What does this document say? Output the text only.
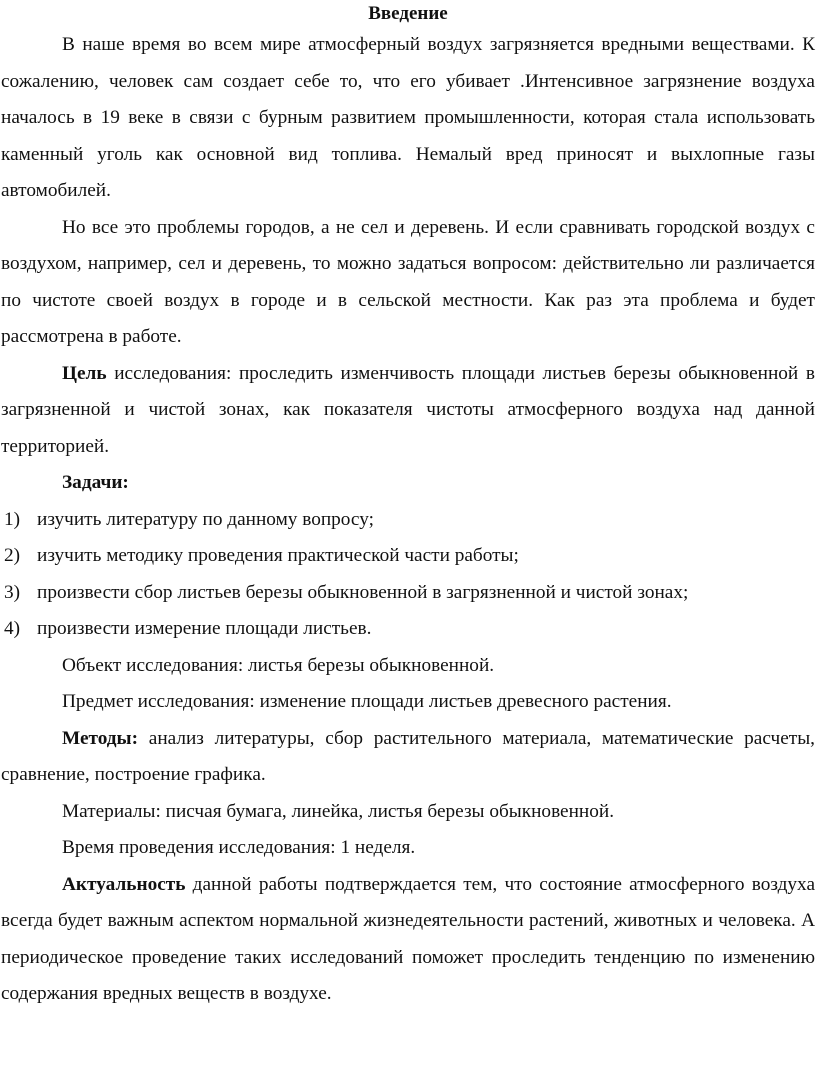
Введение

В наше время во всем мире атмосферный воздух загрязняется вредными веществами. К сожалению, человек сам создает себе то, что его убивает .Интенсивное загрязнение воздуха началось в 19 веке в связи с бурным развитием промышленности, которая стала использовать каменный уголь как основной вид топлива. Немалый вред приносят и выхлопные газы автомобилей.

Но все это проблемы городов, а не сел и деревень. И если сравнивать городской воздух с воздухом, например, сел и деревень, то можно задаться вопросом: действительно ли различается по чистоте своей воздух в городе и в сельской местности. Как раз эта проблема и будет рассмотрена в работе.

Цель исследования: проследить изменчивость площади листьев березы обыкновенной в загрязненной и чистой зонах, как показателя чистоты атмосферного воздуха над данной территорией.

Задачи:
1) изучить литературу по данному вопросу;
2) изучить методику проведения практической части работы;
3) произвести сбор листьев березы обыкновенной в загрязненной и чистой зонах;
4) произвести измерение площади листьев.

Объект исследования: листья березы обыкновенной.

Предмет исследования: изменение площади листьев древесного растения.

Методы: анализ литературы, сбор растительного материала, математические расчеты, сравнение, построение графика.

Материалы: писчая бумага, линейка, листья березы обыкновенной.

Время проведения исследования: 1 неделя.

Актуальность данной работы подтверждается тем, что состояние атмосферного воздуха всегда будет важным аспектом нормальной жизнедеятельности растений, животных и человека. А периодическое проведение таких исследований поможет проследить тенденцию по изменению содержания вредных веществ в воздухе.
